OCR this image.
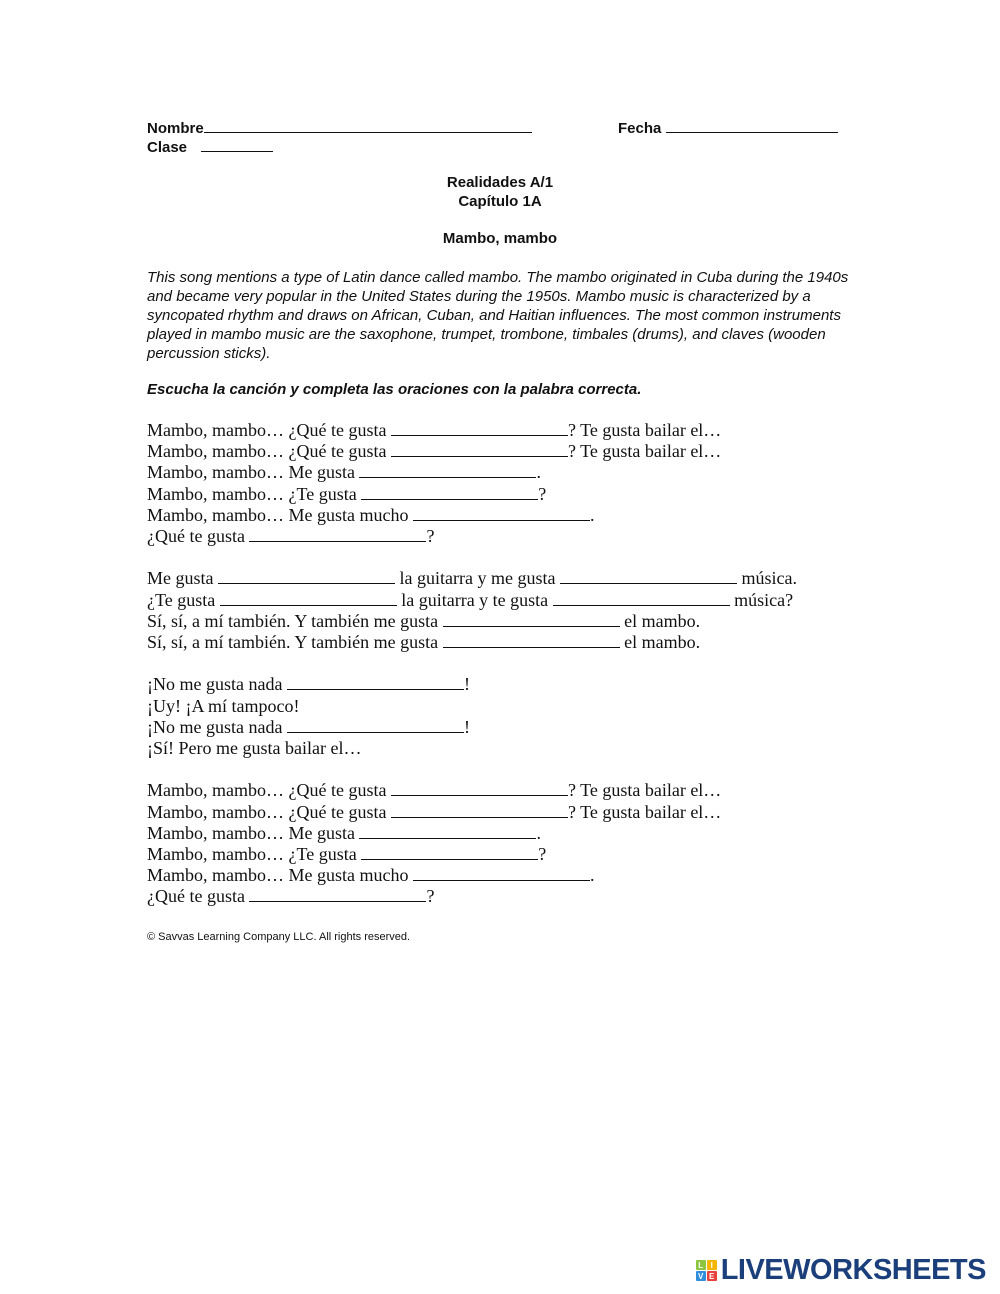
Nombre	Fecha
Clase
Realidades A/1
Capítulo 1A
Mambo, mambo
This song mentions a type of Latin dance called mambo. The mambo originated in Cuba during the 1940s and became very popular in the United States during the 1950s. Mambo music is characterized by a syncopated rhythm and draws on African, Cuban, and Haitian influences. The most common instruments played in mambo music are the saxophone, trumpet, trombone, timbales (drums), and claves (wooden percussion sticks).
Escucha la canción y completa las oraciones con la palabra correcta.
Mambo, mambo… ¿Qué te gusta	? Te gusta bailar el…
Mambo, mambo… ¿Qué te gusta	? Te gusta bailar el…
Mambo, mambo… Me gusta	.
Mambo, mambo… ¿Te gusta	?
Mambo, mambo… Me gusta mucho	.
¿Qué te gusta	?
Me gusta	la guitarra y me gusta	música.
¿Te gusta	la guitarra y te gusta	música?
Sí, sí, a mí también. Y también me gusta	el mambo.
Sí, sí, a mí también. Y también me gusta	el mambo.
¡No me gusta nada	!
¡Uy! ¡A mí tampoco!
¡No me gusta nada	!
¡Sí! Pero me gusta bailar el…
Mambo, mambo… ¿Qué te gusta	? Te gusta bailar el…
Mambo, mambo… ¿Qué te gusta	? Te gusta bailar el…
Mambo, mambo… Me gusta	.
Mambo, mambo… ¿Te gusta	?
Mambo, mambo… Me gusta mucho	.
¿Qué te gusta	?
© Savvas Learning Company LLC. All rights reserved.
L I
V E LIVEWORKSHEETS
